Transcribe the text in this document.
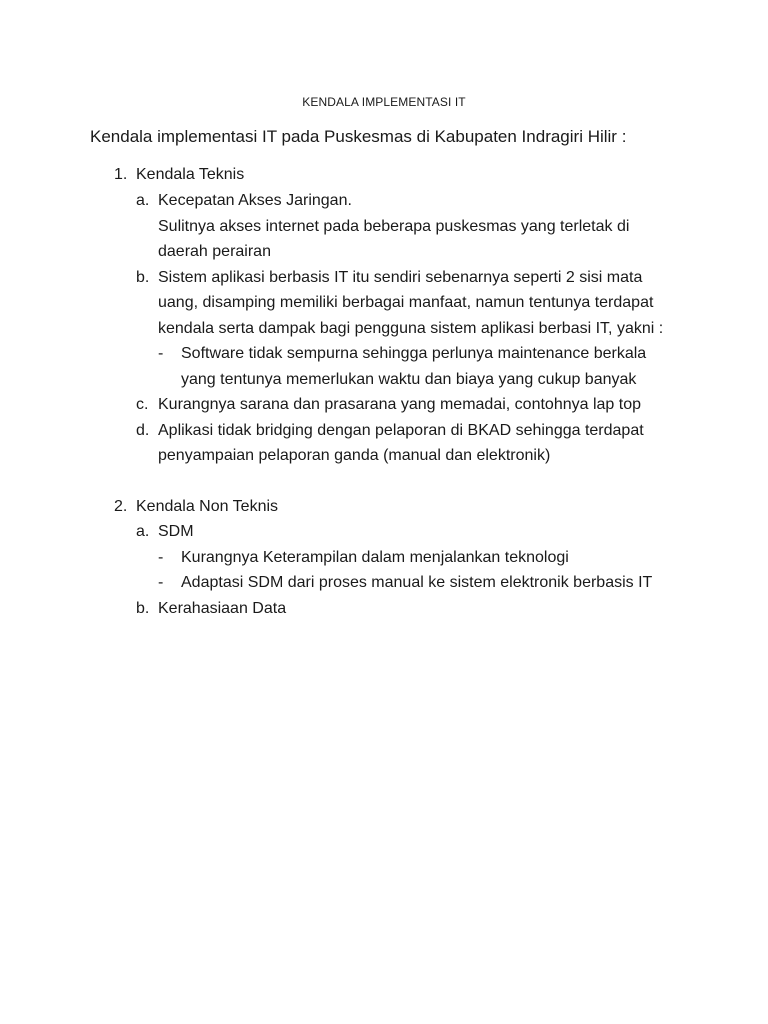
KENDALA IMPLEMENTASI IT
Kendala implementasi IT pada Puskesmas di Kabupaten Indragiri Hilir :
1. Kendala Teknis
a. Kecepatan Akses Jaringan.
Sulitnya akses internet pada beberapa puskesmas yang terletak di
daerah perairan
b. Sistem aplikasi berbasis IT itu sendiri sebenarnya seperti 2 sisi mata
uang, disamping memiliki berbagai manfaat, namun tentunya terdapat
kendala serta dampak bagi pengguna sistem aplikasi berbasi IT, yakni :
- Software tidak sempurna sehingga perlunya maintenance berkala
yang tentunya memerlukan waktu dan biaya yang cukup banyak
c. Kurangnya sarana dan prasarana yang memadai, contohnya lap top
d. Aplikasi tidak bridging dengan pelaporan di BKAD sehingga terdapat
penyampaian pelaporan ganda (manual dan elektronik)
2. Kendala Non Teknis
a. SDM
- Kurangnya Keterampilan dalam menjalankan teknologi
- Adaptasi SDM dari proses manual ke sistem elektronik berbasis IT
b. Kerahasiaan Data
